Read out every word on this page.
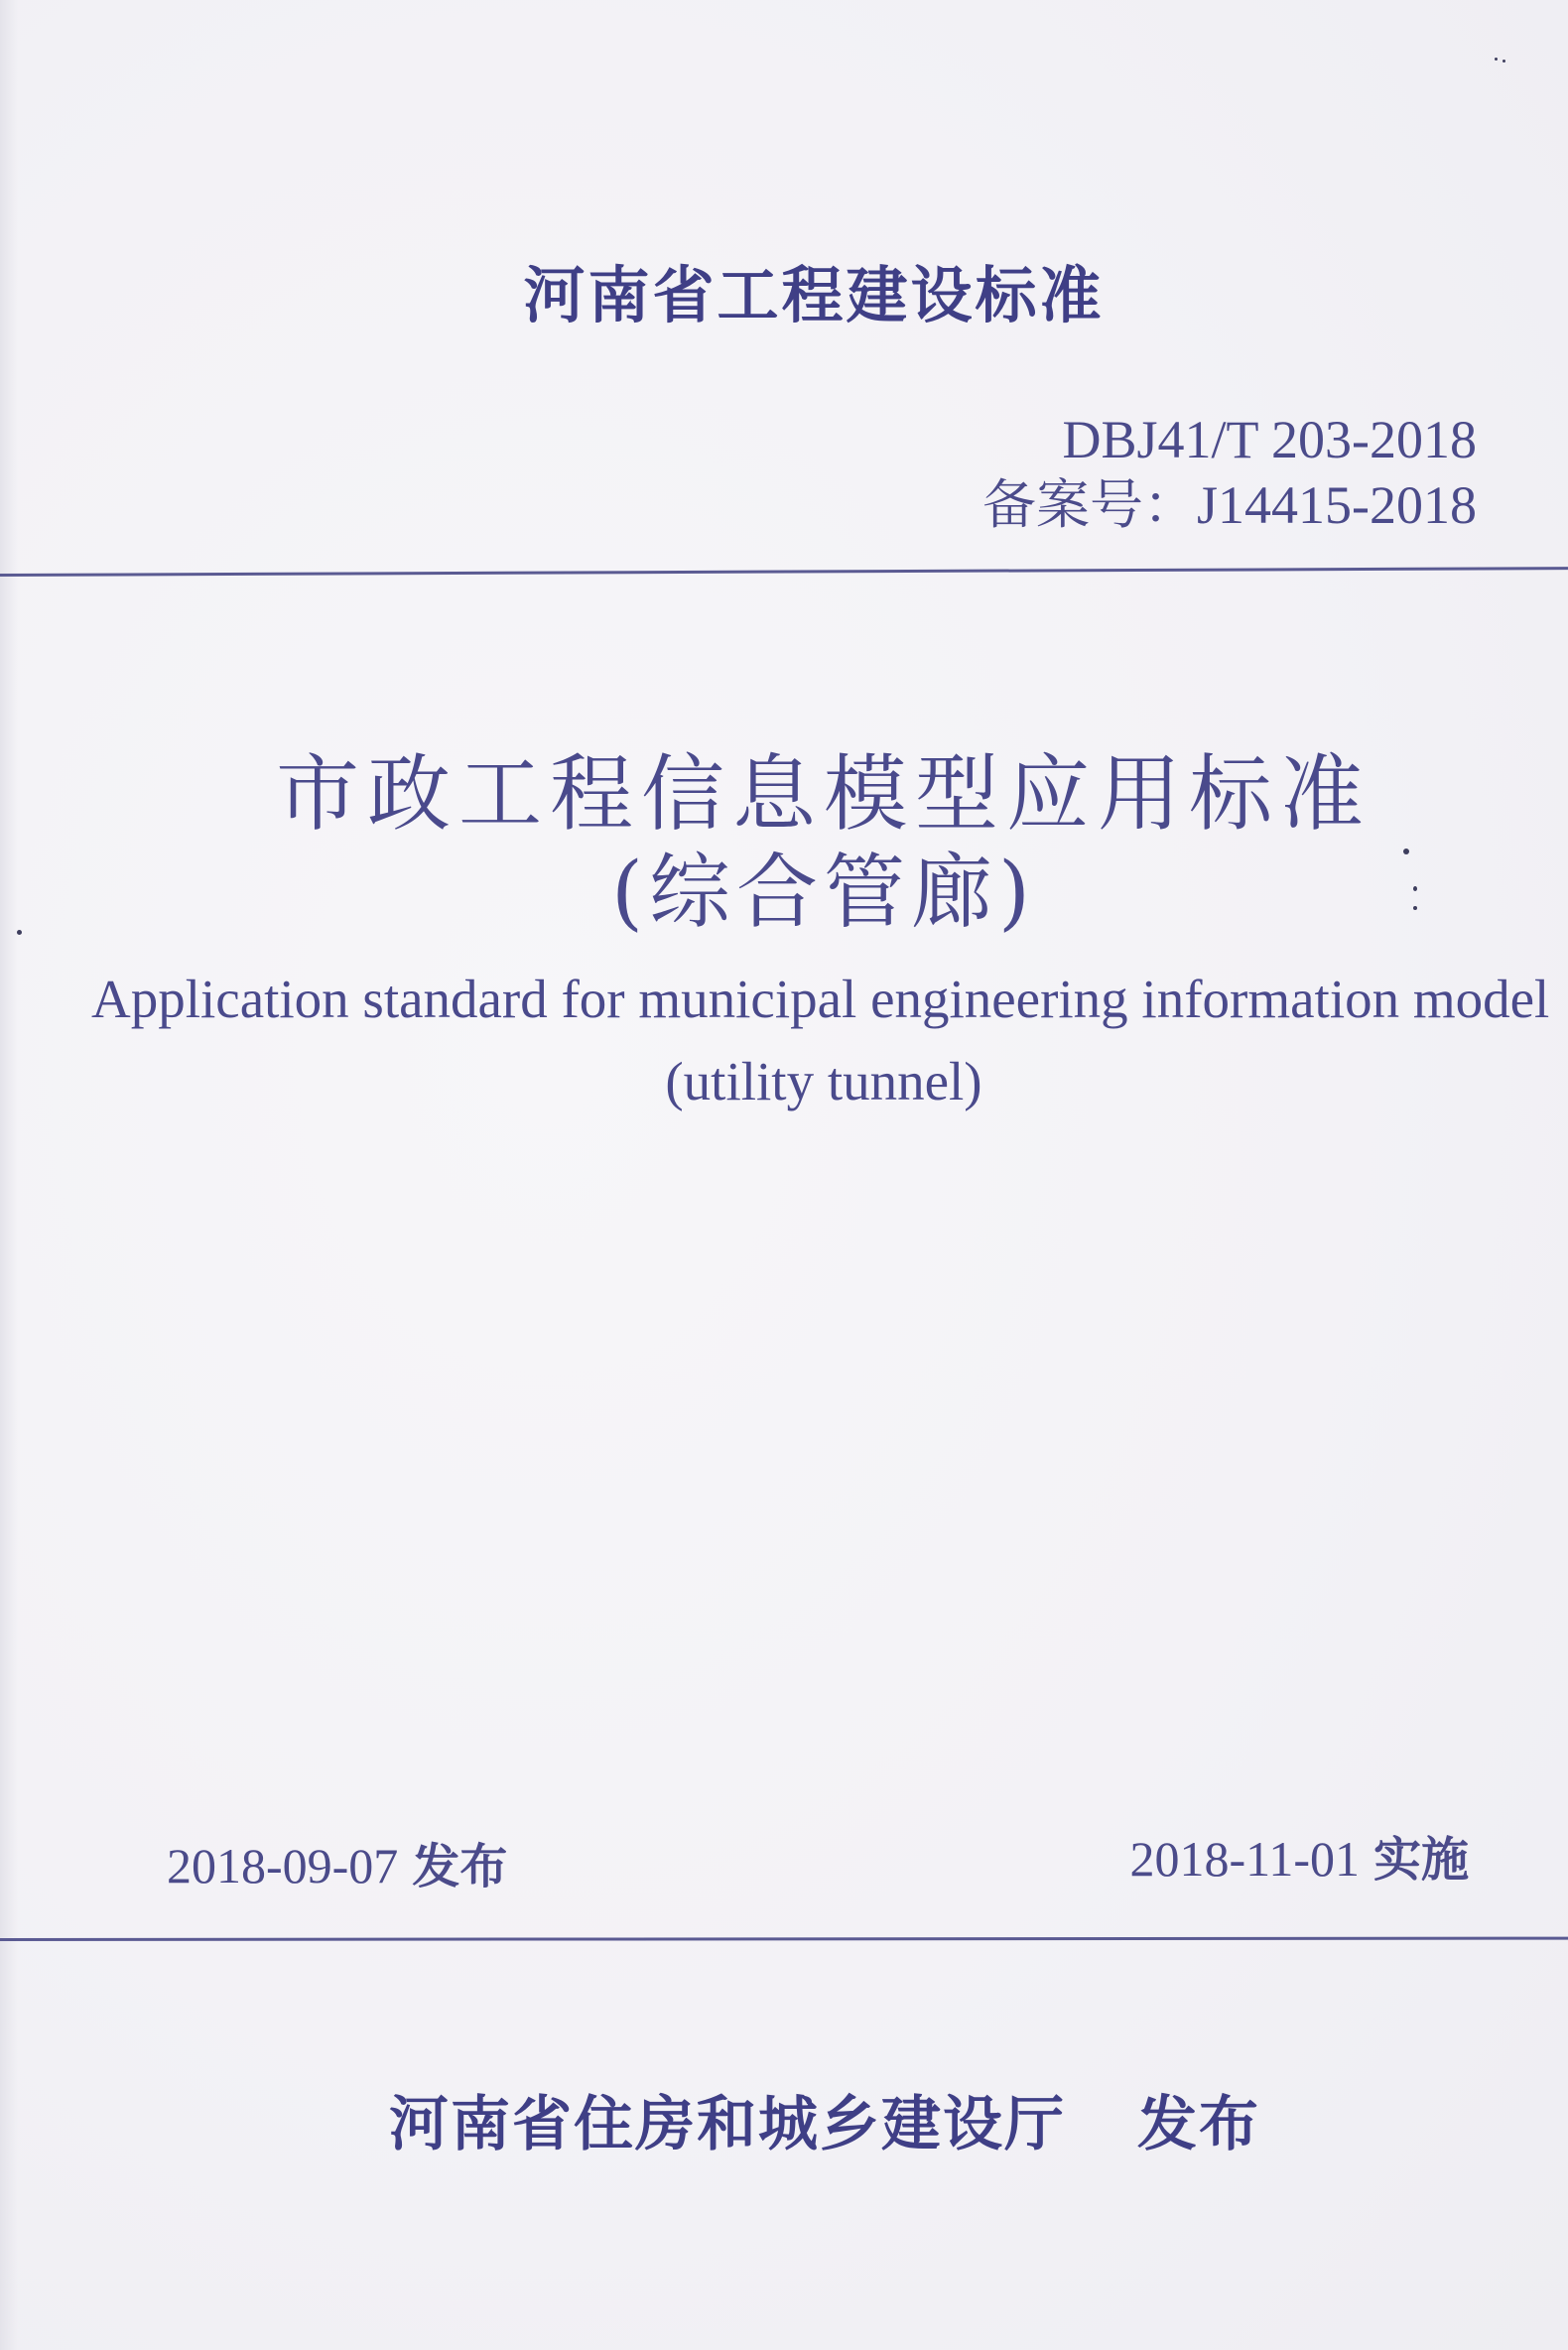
河南省工程建设标准
DBJ41/T 203-2018
备案号：J14415-2018
市政工程信息模型应用标准
(综合管廊)
Application standard for municipal engineering information model
(utility tunnel)
2018-09-07 发布	2018-11-01 实施
河南省住房和城乡建设厅 发布
